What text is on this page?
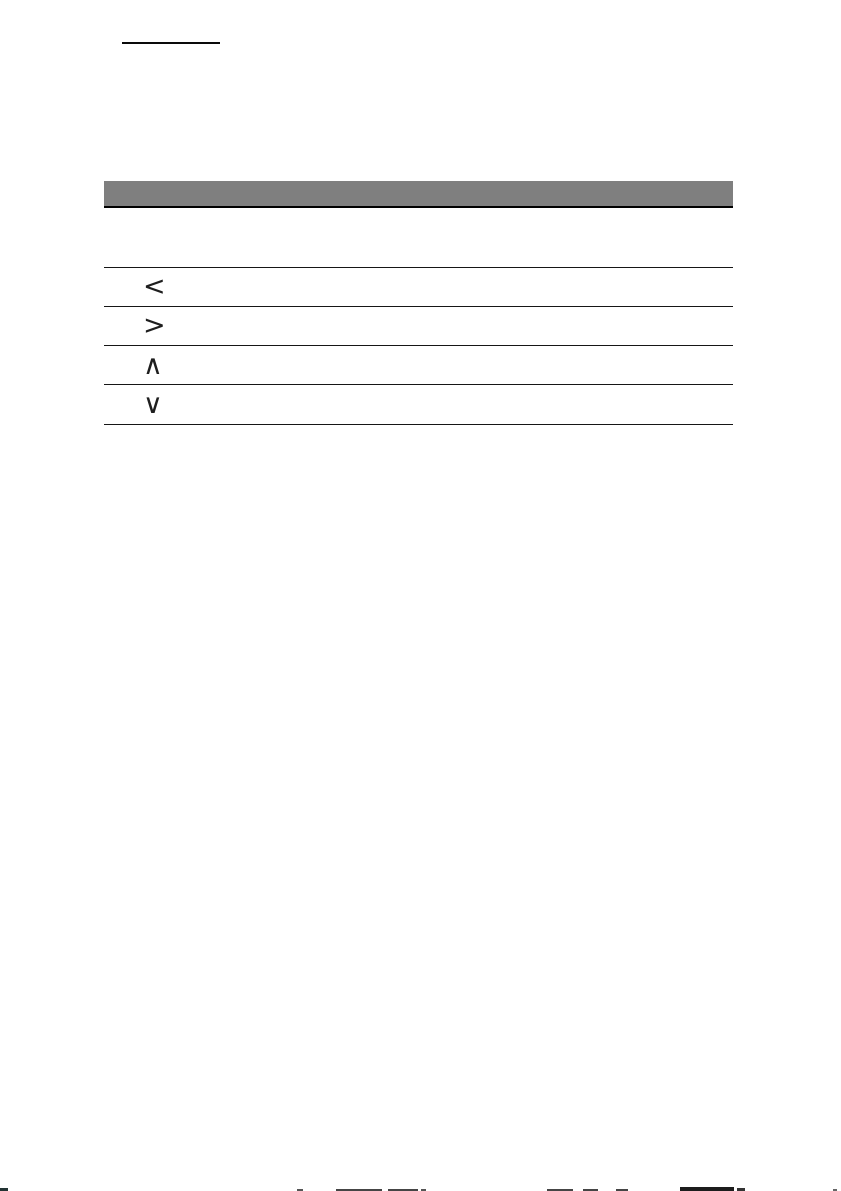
<
>
∧
∨
